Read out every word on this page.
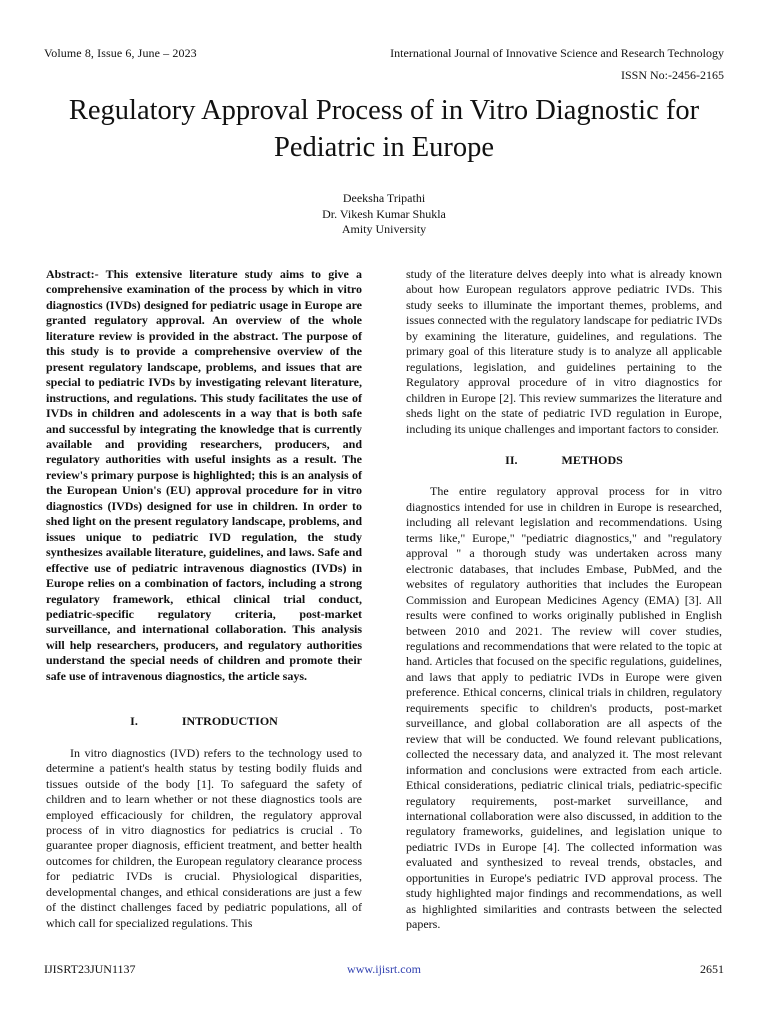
Volume 8, Issue 6, June – 2023	International Journal of Innovative Science and Research Technology
ISSN No:-2456-2165
Regulatory Approval Process of in Vitro Diagnostic for Pediatric in Europe
Deeksha Tripathi
Dr. Vikesh Kumar Shukla
Amity University

Abstract:- This extensive literature study aims to give a comprehensive examination of the process by which in vitro diagnostics (IVDs) designed for pediatric usage in Europe are granted regulatory approval. An overview of the whole literature review is provided in the abstract. The purpose of this study is to provide a comprehensive overview of the present regulatory landscape, problems, and issues that are special to pediatric IVDs by investigating relevant literature, instructions, and regulations. This study facilitates the use of IVDs in children and adolescents in a way that is both safe and successful by integrating the knowledge that is currently available and providing researchers, producers, and regulatory authorities with useful insights as a result. The review's primary purpose is highlighted; this is an analysis of the European Union's (EU) approval procedure for in vitro diagnostics (IVDs) designed for use in children. In order to shed light on the present regulatory landscape, problems, and issues unique to pediatric IVD regulation, the study synthesizes available literature, guidelines, and laws. Safe and effective use of pediatric intravenous diagnostics (IVDs) in Europe relies on a combination of factors, including a strong regulatory framework, ethical clinical trial conduct, pediatric-specific regulatory criteria, post-market surveillance, and international collaboration. This analysis will help researchers, producers, and regulatory authorities understand the special needs of children and promote their safe use of intravenous diagnostics, the article says.

I.	INTRODUCTION

In vitro diagnostics (IVD) refers to the technology used to determine a patient's health status by testing bodily fluids and tissues outside of the body [1]. To safeguard the safety of children and to learn whether or not these diagnostics tools are employed efficaciously for children, the regulatory approval process of in vitro diagnostics for pediatrics is crucial . To guarantee proper diagnosis, efficient treatment, and better health outcomes for children, the European regulatory clearance process for pediatric IVDs is crucial. Physiological disparities, developmental changes, and ethical considerations are just a few of the distinct challenges faced by pediatric populations, all of which call for specialized regulations. This

study of the literature delves deeply into what is already known about how European regulators approve pediatric IVDs. This study seeks to illuminate the important themes, problems, and issues connected with the regulatory landscape for pediatric IVDs by examining the literature, guidelines, and regulations. The primary goal of this literature study is to analyze all applicable regulations, legislation, and guidelines pertaining to the Regulatory approval procedure of in vitro diagnostics for children in Europe [2]. This review summarizes the literature and sheds light on the state of pediatric IVD regulation in Europe, including its unique challenges and important factors to consider.

II.	METHODS

The entire regulatory approval process for in vitro diagnostics intended for use in children in Europe is researched, including all relevant legislation and recommendations. Using terms like," Europe," "pediatric diagnostics," and "regulatory approval " a thorough study was undertaken across many electronic databases, that includes Embase, PubMed, and the websites of regulatory authorities that includes the European Commission and European Medicines Agency (EMA) [3]. All results were confined to works originally published in English between 2010 and 2021. The review will cover studies, regulations and recommendations that were related to the topic at hand. Articles that focused on the specific regulations, guidelines, and laws that apply to pediatric IVDs in Europe were given preference. Ethical concerns, clinical trials in children, regulatory requirements specific to children's products, post-market surveillance, and global collaboration are all aspects of the review that will be conducted. We found relevant publications, collected the necessary data, and analyzed it. The most relevant information and conclusions were extracted from each article. Ethical considerations, pediatric clinical trials, pediatric-specific regulatory requirements, post-market surveillance, and international collaboration were also discussed, in addition to the regulatory frameworks, guidelines, and legislation unique to pediatric IVDs in Europe [4]. The collected information was evaluated and synthesized to reveal trends, obstacles, and opportunities in Europe's pediatric IVD approval process. The study highlighted major findings and recommendations, as well as highlighted similarities and contrasts between the selected papers.

IJISRT23JUN1137	www.ijisrt.com	2651
